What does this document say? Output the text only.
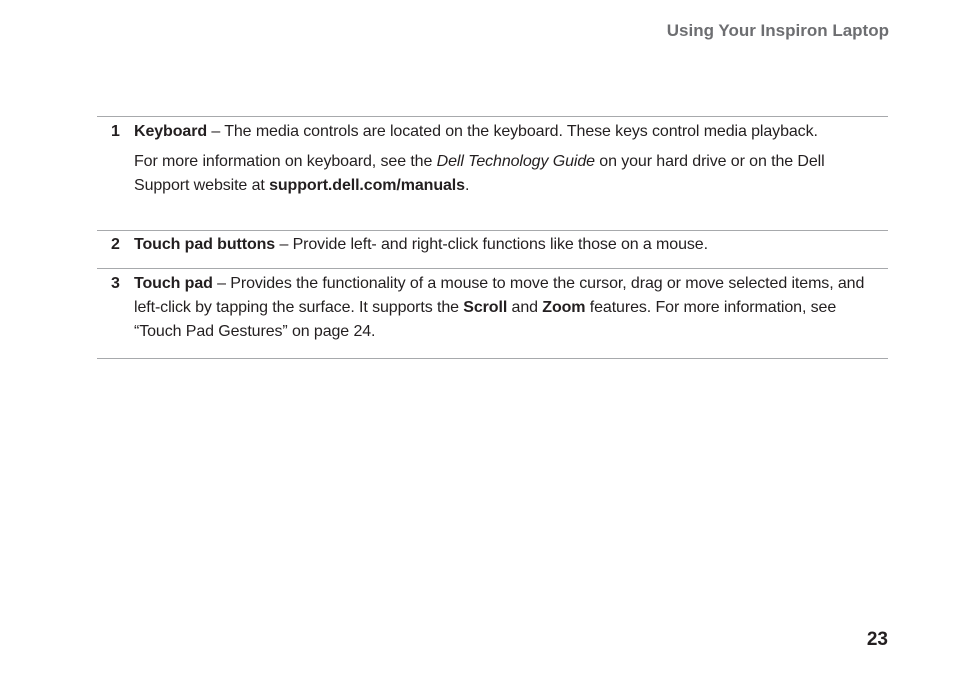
Using Your Inspiron Laptop
1 Keyboard – The media controls are located on the keyboard. These keys control media playback.

For more information on keyboard, see the Dell Technology Guide on your hard drive or on the Dell Support website at support.dell.com/manuals.

2 Touch pad buttons – Provide left- and right-click functions like those on a mouse.

3 Touch pad – Provides the functionality of a mouse to move the cursor, drag or move selected items, and left-click by tapping the surface. It supports the Scroll and Zoom features. For more information, see “Touch Pad Gestures” on page 24.

23
